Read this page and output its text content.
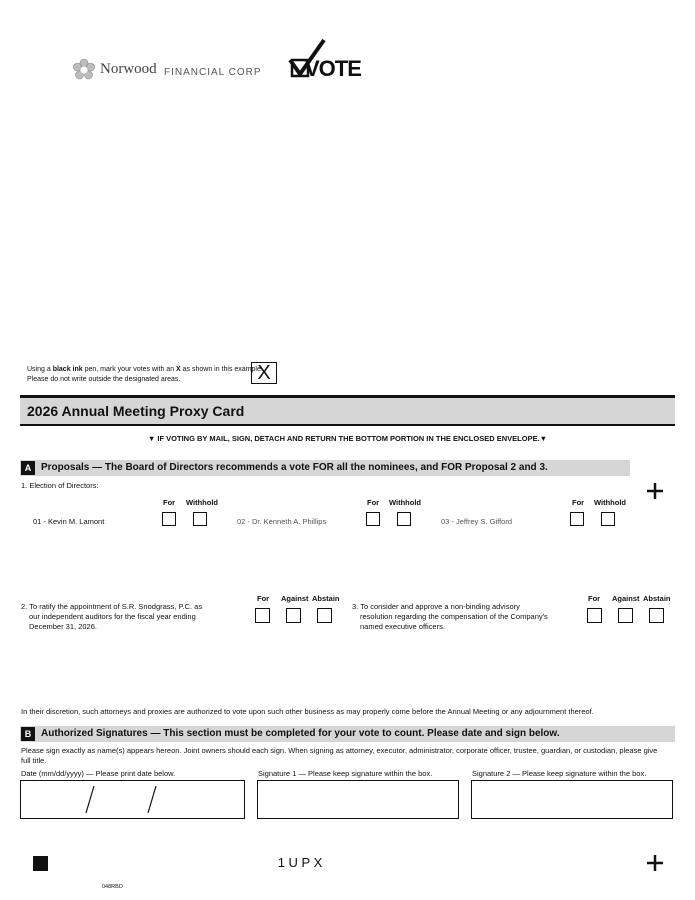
Norwood FINANCIAL CORP VOTE
Using a black ink pen, mark your votes with an X as shown in this example.
Please do not write outside the designated areas.	X
2026 Annual Meeting Proxy Card
▼ IF VOTING BY MAIL, SIGN, DETACH AND RETURN THE BOTTOM PORTION IN THE ENCLOSED ENVELOPE.▼
A Proposals — The Board of Directors recommends a vote FOR all the nominees, and FOR Proposal 2 and 3.
1. Election of Directors:
For Withhold	For Withhold	For Withhold
01 - Kevin M. Lamont	02 - Dr. Kenneth A. Phillips	03 - Jeffrey S. Gifford
For Against Abstain
2. To ratify the appointment of S.R. Snodgrass, P.C. as
our independent auditors for the fiscal year ending
December 31, 2026.
For Against Abstain
3. To consider and approve a non-binding advisory
resolution regarding the compensation of the Company's
named executive officers.
In their discretion, such attorneys and proxies are authorized to vote upon such other business as may properly come before the Annual Meeting or any adjournment thereof.
B Authorized Signatures — This section must be completed for your vote to count. Please date and sign below.
Please sign exactly as name(s) appears hereon. Joint owners should each sign. When signing as attorney, executor, administrator, corporate officer, trustee, guardian, or custodian, please give
full title.
Date (mm/dd/yyyy) — Please print date below.	Signature 1 — Please keep signature within the box.	Signature 2 — Please keep signature within the box.
1 U P X
048RBD
